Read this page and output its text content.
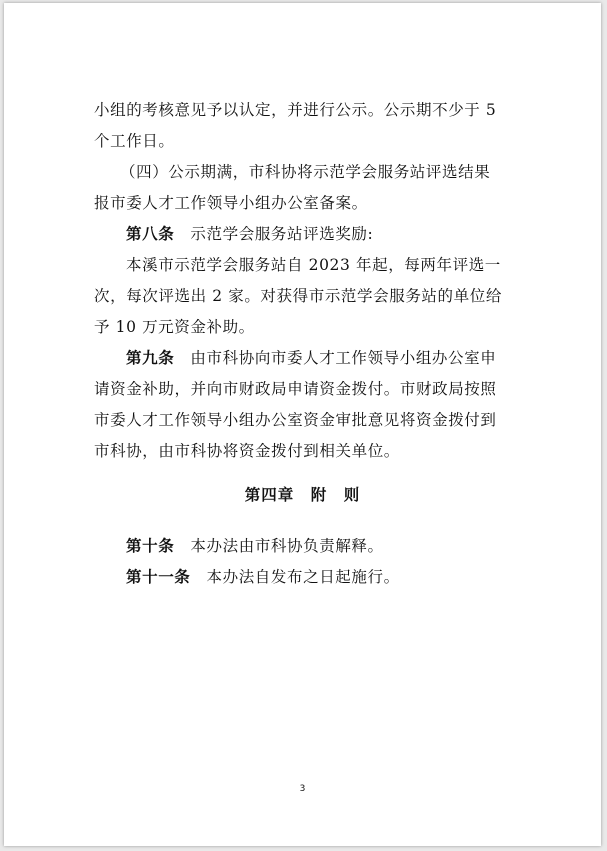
小组的考核意见予以认定，并进行公示。公示期不少于 5
个工作日。
（四）公示期满，市科协将示范学会服务站评选结果
报市委人才工作领导小组办公室备案。
第八条　示范学会服务站评选奖励:
本溪市示范学会服务站自 2023 年起，每两年评选一
次，每次评选出 2 家。对获得市示范学会服务站的单位给
予 10 万元资金补助。
第九条　由市科协向市委人才工作领导小组办公室申
请资金补助，并向市财政局申请资金拨付。市财政局按照
市委人才工作领导小组办公室资金审批意见将资金拨付到
市科协，由市科协将资金拨付到相关单位。
第十条　本办法由市科协负责解释。
第十一条　本办法自发布之日起施行。
第四章　附　则
3
